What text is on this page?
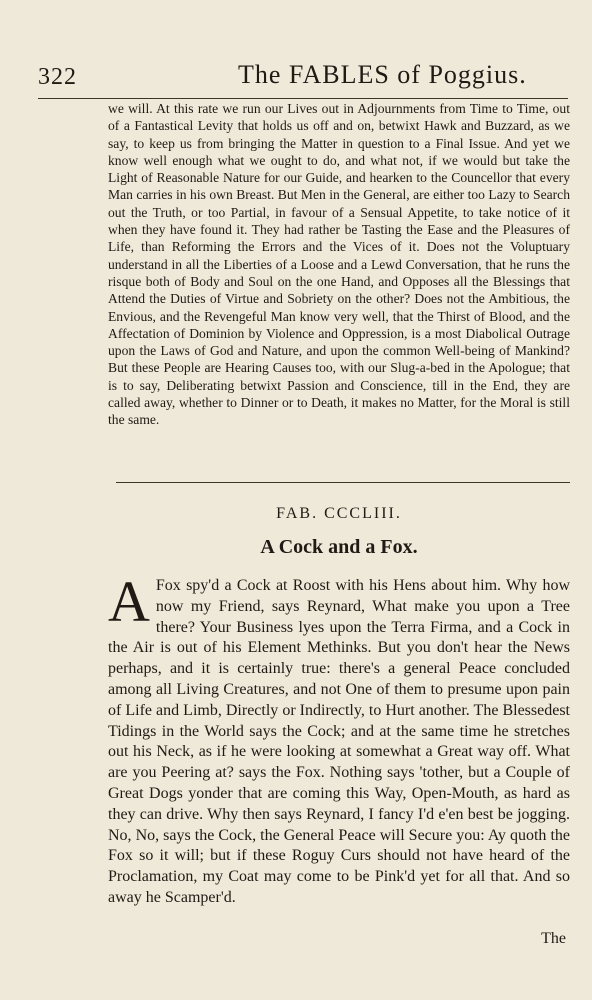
322	The FABLES of Poggius.

we will. At this rate we run our Lives out in Adjournments from Time to Time, out of a Fantastical Levity that holds us off and on, betwixt Hawk and Buzzard, as we say, to keep us from bringing the Matter in question to a Final Issue. And yet we know well enough what we ought to do, and what not, if we would but take the Light of Reasonable Nature for our Guide, and hearken to the Councellor that every Man carries in his own Breast. But Men in the General, are either too Lazy to Search out the Truth, or too Partial, in favour of a Sensual Appetite, to take notice of it when they have found it. They had rather be Tasting the Ease and the Pleasures of Life, than Reforming the Errors and the Vices of it. Does not the Voluptuary understand in all the Liberties of a Loose and a Lewd Conversation, that he runs the risque both of Body and Soul on the one Hand, and Opposes all the Blessings that Attend the Duties of Virtue and Sobriety on the other? Does not the Ambitious, the Envious, and the Revengeful Man know very well, that the Thirst of Blood, and the Affectation of Dominion by Violence and Oppression, is a most Diabolical Outrage upon the Laws of God and Nature, and upon the common Well-being of Mankind? But these People are Hearing Causes too, with our Slug-a-bed in the Apologue; that is to say, Deliberating betwixt Passion and Conscience, till in the End, they are called away, whether to Dinner or to Death, it makes no Matter, for the Moral is still the same.

FAB. CCCLIII.
A Cock and a Fox.
A Fox spy'd a Cock at Roost with his Hens about him. Why how now my Friend, says Reynard, What make you upon a Tree there? Your Business lyes upon the Terra Firma, and a Cock in the Air is out of his Element Methinks. But you don't hear the News perhaps, and it is certainly true: there's a general Peace concluded among all Living Creatures, and not One of them to presume upon pain of Life and Limb, Directly or Indirectly, to Hurt another. The Blessedest Tidings in the World says the Cock; and at the same time he stretches out his Neck, as if he were looking at somewhat a Great way off. What are you Peering at? says the Fox. Nothing says 'tother, but a Couple of Great Dogs yonder that are coming this Way, Open-Mouth, as hard as they can drive. Why then says Reynard, I fancy I'd e'en best be jogging. No, No, says the Cock, the General Peace will Secure you: Ay quoth the Fox so it will; but if these Roguy Curs should not have heard of the Proclamation, my Coat may come to be Pink'd yet for all that. And so away he Scamper'd.

The
